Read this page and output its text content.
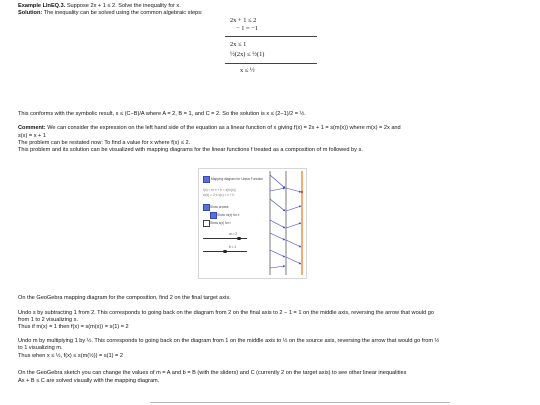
Example LInEQ.3. Suppose 2x + 1 ≤ 2. Solve the inequality for x.
Solution: The inequality can be solved using the common algebraic steps:
2x + 1 ≤ 2
− 1 = −1
2x ≤ 1
½(2x) ≤ ½(1)
x ≤ ½
This conforms with the symbolic result, x ≤ (C−B)/A where A = 2, B = 1, and C = 2. So the solution is x ≤ (2−1)/2 = ½.
Comment: We can consider the expression on the left hand side of the equation as a linear function of x giving f(x) = 2x + 1 = s(m(x)) where m(x) = 2x and
s(x) = x + 1
The problem can be restated now: To find a value for x where f(x) ≤ 2.
This problem and its solution can be visualized with mapping diagrams for the linear functions f treated as a composition of m followed by s.
Mapping diagram for Linear Function
f(x) = m·x + b = s(m(x))
m(x) = 2·x s(x) = x + b
Show arrows
Show m(x) for x
Show s(x) for t
m = 2
b = 1
On the GeoGebra mapping diagram for the composition, find 2 on the final target axis.
Undo s by subtracting 1 from 2. This corresponds to going back on the diagram from 2 on the final axis to 2 − 1 = 1 on the middle axis, reversing the arrow that would go
from 1 to 2 visualizing s.
Thus if m(x) = 1 then f(x) = s(m(x)) = s(1) = 2
Undo m by multiplying 1 by ½. This corresponds to going back on the diagram from 1 on the middle axis to ½ on the source axis, reversing the arrow that would go from ½
to 1 visualizing m.
Thus when x ≤ ½, f(x) ≤ s(m(½)) = s(1) = 2
On the GeoGebra sketch you can change the values of m = A and b = B (with the sliders) and C (currently 2 on the target axis) to see other linear inequalities
Ax + B ≤ C are solved visually with the mapping diagram.
